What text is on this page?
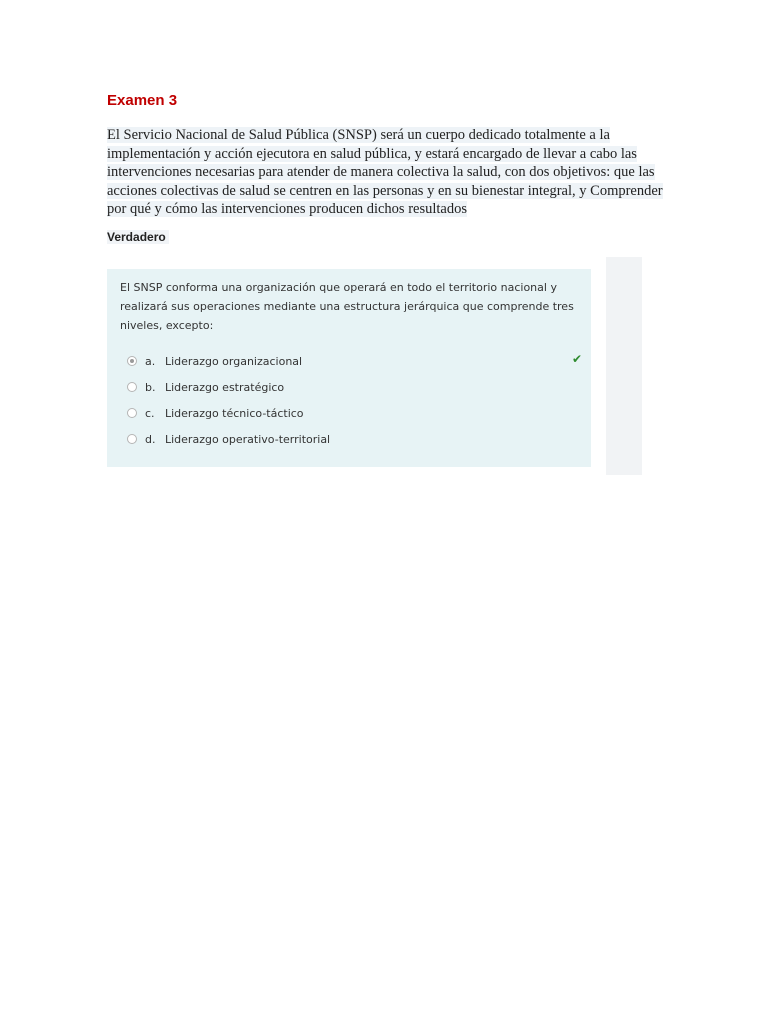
Examen 3
El Servicio Nacional de Salud Pública (SNSP) será un cuerpo dedicado totalmente a la implementación y acción ejecutora en salud pública, y estará encargado de llevar a cabo las intervenciones necesarias para atender de manera colectiva la salud, con dos objetivos: que las acciones colectivas de salud se centren en las personas y en su bienestar integral, y Comprender por qué y cómo las intervenciones producen dichos resultados
Verdadero
El SNSP conforma una organización que operará en todo el territorio nacional y realizará sus operaciones mediante una estructura jerárquica que comprende tres niveles, excepto:
a. Liderazgo organizacional	✔
b. Liderazgo estratégico
c. Liderazgo técnico-táctico
d. Liderazgo operativo-territorial
